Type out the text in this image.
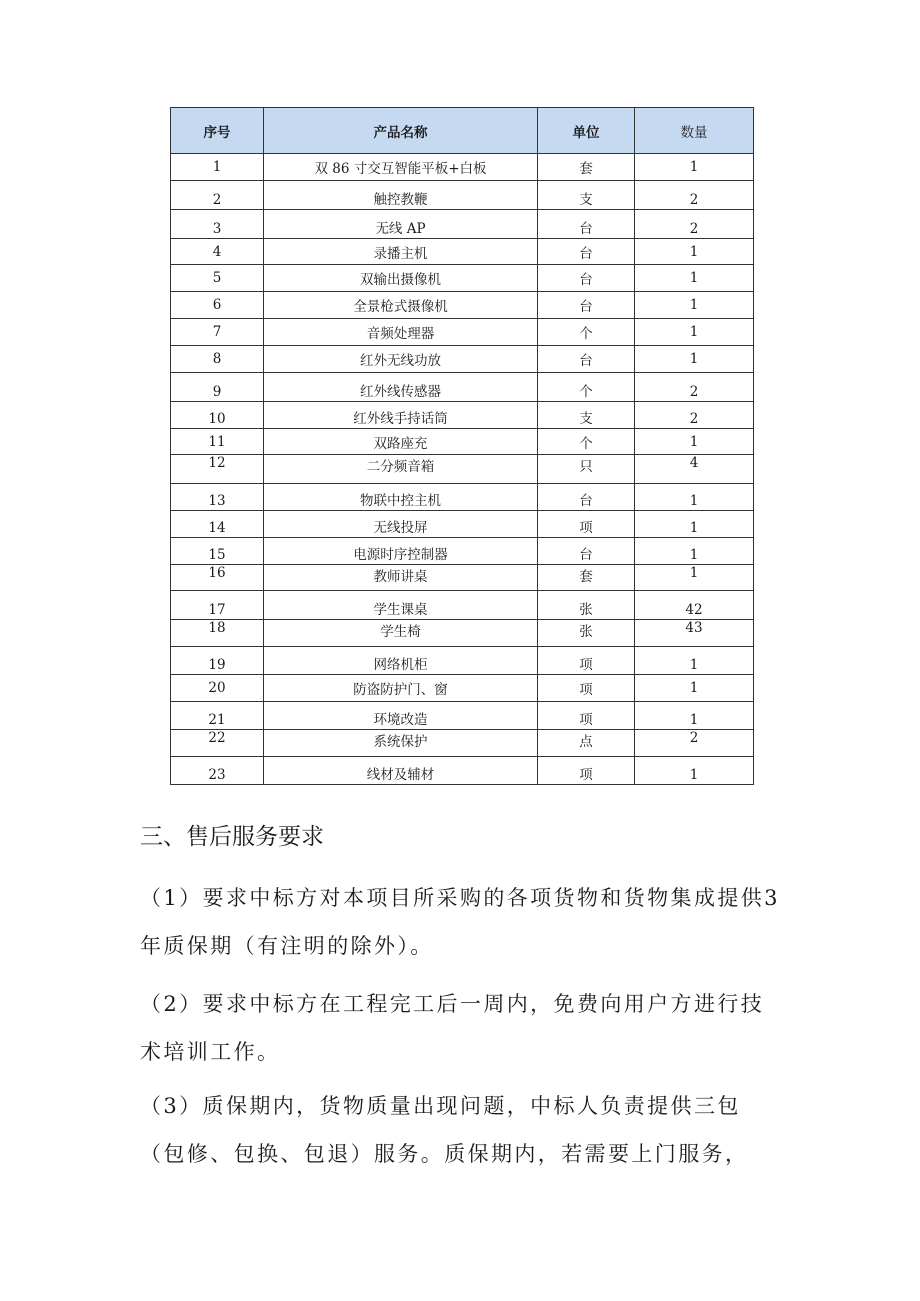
序号	产品名称	单位	数量
1	双 86 寸交互智能平板+白板	套	1
2	触控教鞭	支	2
3	无线 AP	台	2
4	录播主机	台	1
5	双输出摄像机	台	1
6	全景枪式摄像机	台	1
7	音频处理器	个	1
8	红外无线功放	台	1
9	红外线传感器	个	2
10	红外线手持话筒	支	2
11	双路座充	个	1
12	二分频音箱	只	4
13	物联中控主机	台	1
14	无线投屏	项	1
15	电源时序控制器	台	1
16	教师讲桌	套	1
17	学生课桌	张	42
18	学生椅	张	43
19	网络机柜	项	1
20	防盗防护门、窗	项	1
21	环境改造	项	1
22	系统保护	点	2
23	线材及辅材	项	1
三、售后服务要求

（1）要求中标方对本项目所采购的各项货物和货物集成提供3 年质保期（有注明的除外）。

（2）要求中标方在工程完工后一周内，免费向用户方进行技术培训工作。

（3）质保期内，货物质量出现问题，中标人负责提供三包（包修、包换、包退）服务。质保期内，若需要上门服务，
